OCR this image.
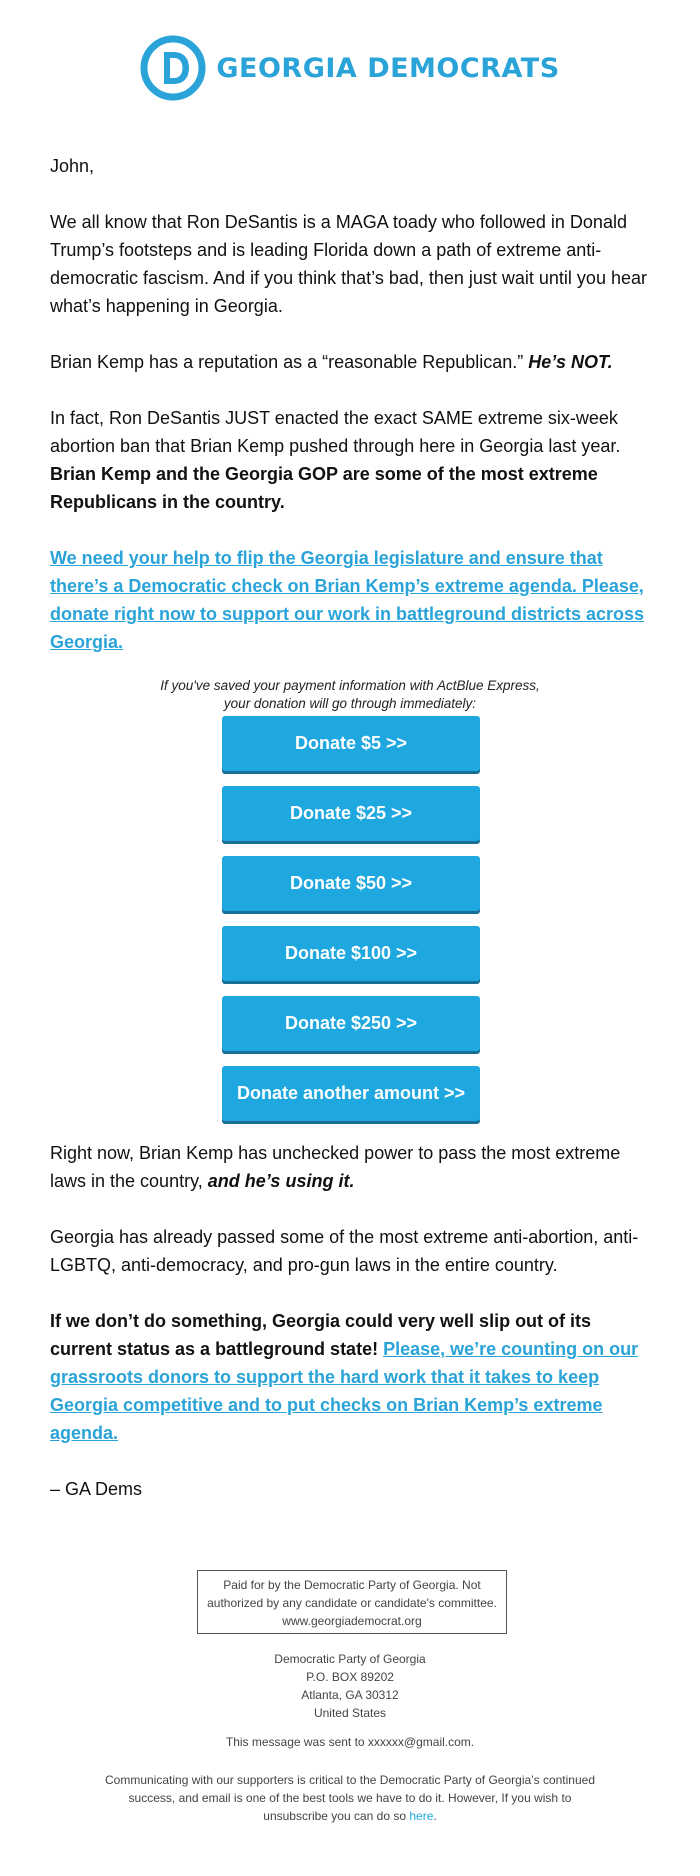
GEORGIA DEMOCRATS

John,

We all know that Ron DeSantis is a MAGA toady who followed in Donald Trump’s footsteps and is leading Florida down a path of extreme anti-democratic fascism. And if you think that’s bad, then just wait until you hear what’s happening in Georgia.

Brian Kemp has a reputation as a “reasonable Republican.” He’s NOT.

In fact, Ron DeSantis JUST enacted the exact SAME extreme six-week abortion ban that Brian Kemp pushed through here in Georgia last year. Brian Kemp and the Georgia GOP are some of the most extreme Republicans in the country.

We need your help to flip the Georgia legislature and ensure that there’s a Democratic check on Brian Kemp’s extreme agenda. Please, donate right now to support our work in battleground districts across Georgia.

If you've saved your payment information with ActBlue Express,
your donation will go through immediately:
Donate $5 >>
Donate $25 >>
Donate $50 >>
Donate $100 >>
Donate $250 >>
Donate another amount >>

Right now, Brian Kemp has unchecked power to pass the most extreme laws in the country, and he’s using it.

Georgia has already passed some of the most extreme anti-abortion, anti-LGBTQ, anti-democracy, and pro-gun laws in the entire country.

If we don’t do something, Georgia could very well slip out of its current status as a battleground state! Please, we’re counting on our grassroots donors to support the hard work that it takes to keep Georgia competitive and to put checks on Brian Kemp’s extreme agenda.

– GA Dems

Paid for by the Democratic Party of Georgia. Not
authorized by any candidate or candidate's committee.
www.georgiademocrat.org
Democratic Party of Georgia
P.O. BOX 89202
Atlanta, GA 30312
United States
This message was sent to xxxxxx@gmail.com.
Communicating with our supporters is critical to the Democratic Party of Georgia’s continued success, and email is one of the best tools we have to do it. However, If you wish to unsubscribe you can do so here.
